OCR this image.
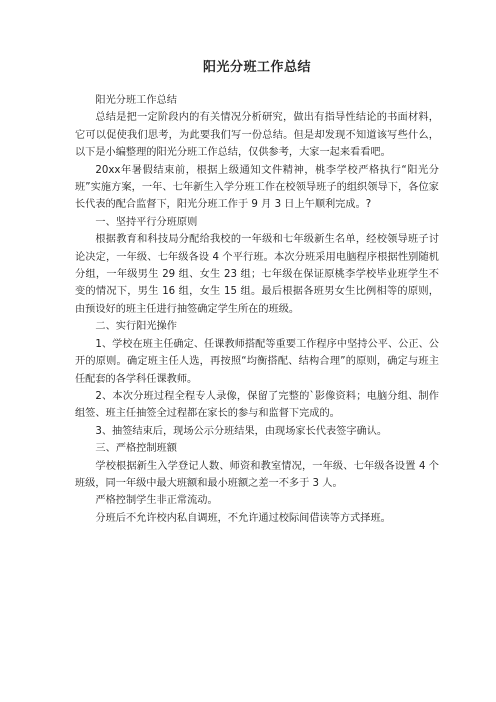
阳光分班工作总结

阳光分班工作总结

总结是把一定阶段内的有关情况分析研究，做出有指导性结论的书面材料，它可以促使我们思考，为此要我们写一份总结。但是却发现不知道该写些什么，以下是小编整理的阳光分班工作总结，仅供参考，大家一起来看看吧。

20xx年暑假结束前，根据上级通知文件精神，桃李学校严格执行“阳光分班”实施方案，一年、七年新生入学分班工作在校领导班子的组织领导下，各位家长代表的配合监督下，阳光分班工作于 9 月 3 日上午顺利完成。?

一、坚持平行分班原则

根据教育和科技局分配给我校的一年级和七年级新生名单，经校领导班子讨论决定，一年级、七年级各设 4 个平行班。本次分班采用电脑程序根据性别随机分组，一年级男生 29 组、女生 23 组；七年级在保证原桃李学校毕业班学生不变的情况下，男生 16 组，女生 15 组。最后根据各班男女生比例相等的原则，由预设好的班主任进行抽签确定学生所在的班级。

二、实行阳光操作

1、学校在班主任确定、任课教师搭配等重要工作程序中坚持公平、公正、公开的原则。确定班主任人选，再按照“均衡搭配、结构合理”的原则，确定与班主任配套的各学科任课教师。

2、本次分班过程全程专人录像，保留了完整的`影像资料；电脑分组、制作组签、班主任抽签全过程都在家长的参与和监督下完成的。

3、抽签结束后，现场公示分班结果，由现场家长代表签字确认。

三、严格控制班额

学校根据新生入学登记人数、师资和教室情况，一年级、七年级各设置 4 个班级，同一年级中最大班额和最小班额之差一不多于 3 人。

严格控制学生非正常流动。

分班后不允许校内私自调班，不允许通过校际间借读等方式择班。
